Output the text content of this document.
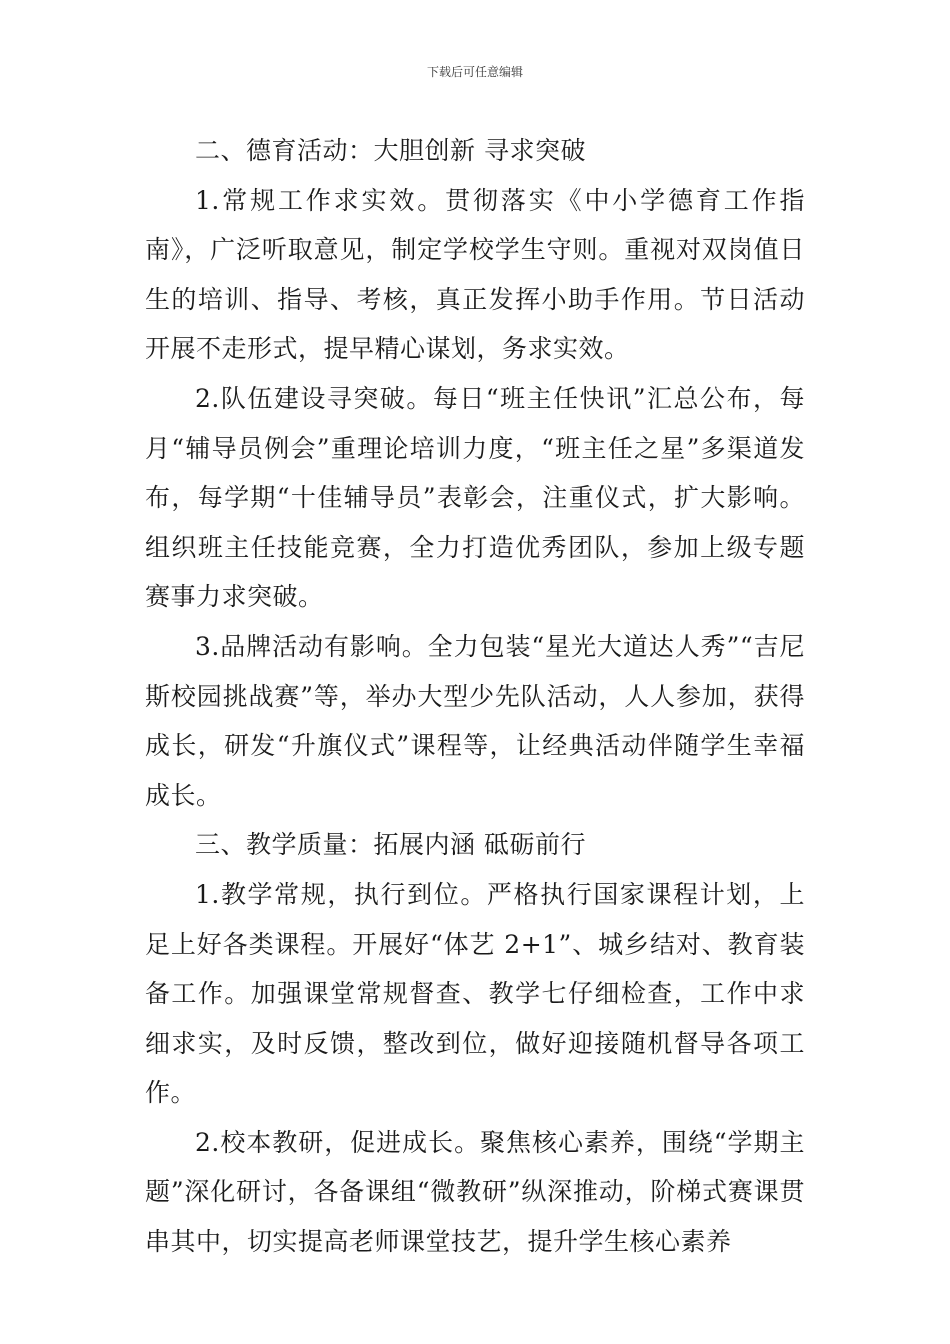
下载后可任意编辑

二、德育活动：大胆创新 寻求突破

1.常规工作求实效。贯彻落实《中小学德育工作指南》，广泛听取意见，制定学校学生守则。重视对双岗值日生的培训、指导、考核，真正发挥小助手作用。节日活动开展不走形式，提早精心谋划，务求实效。

2.队伍建设寻突破。每日“班主任快讯”汇总公布，每月“辅导员例会”重理论培训力度，“班主任之星”多渠道发布，每学期“十佳辅导员”表彰会，注重仪式，扩大影响。组织班主任技能竞赛，全力打造优秀团队，参加上级专题赛事力求突破。

3.品牌活动有影响。全力包装“星光大道达人秀”“吉尼斯校园挑战赛”等，举办大型少先队活动，人人参加，获得成长，研发“升旗仪式”课程等，让经典活动伴随学生幸福成长。

三、教学质量：拓展内涵 砥砺前行

1.教学常规，执行到位。严格执行国家课程计划，上足上好各类课程。开展好“体艺 2+1”、城乡结对、教育装备工作。加强课堂常规督查、教学七仔细检查，工作中求细求实，及时反馈，整改到位，做好迎接随机督导各项工作。

2.校本教研，促进成长。聚焦核心素养，围绕“学期主题”深化研讨，各备课组“微教研”纵深推动，阶梯式赛课贯串其中，切实提高老师课堂技艺，提升学生核心素养
